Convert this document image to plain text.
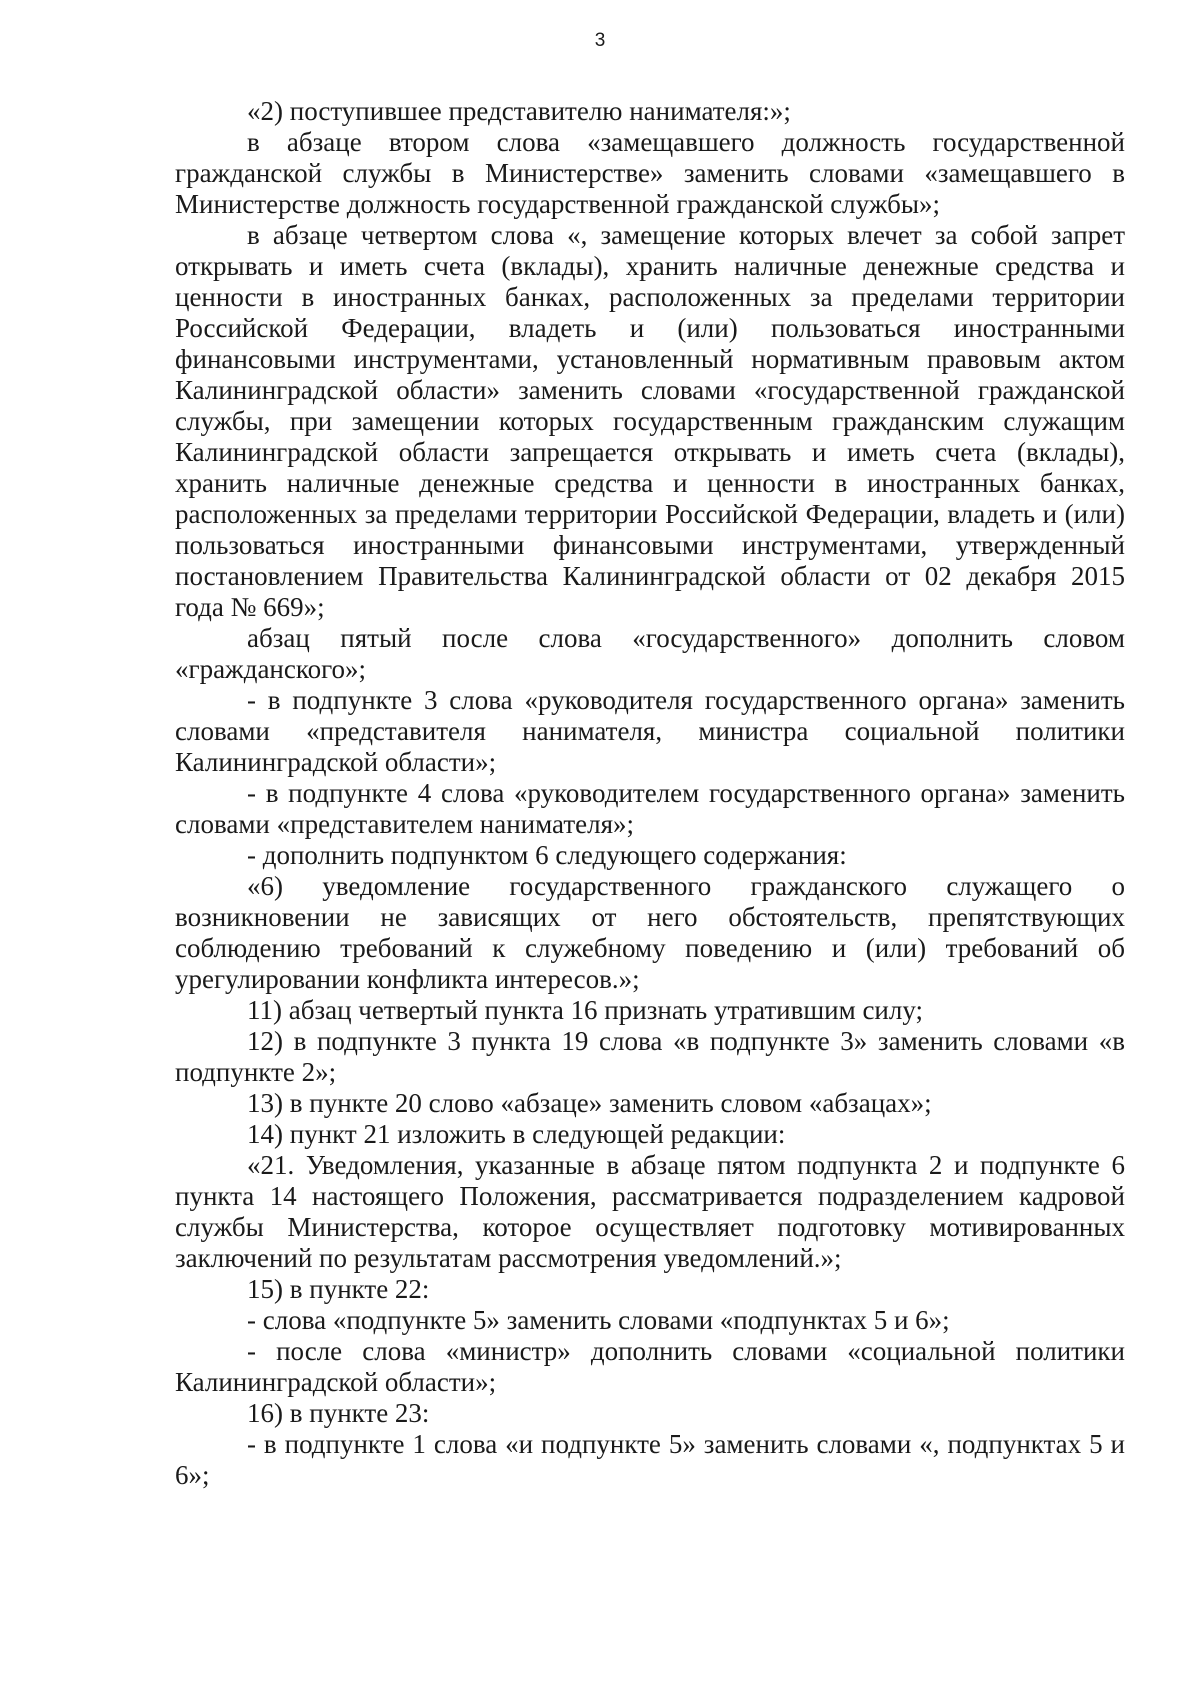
3

«2) поступившее представителю нанимателя:»;

в абзаце втором слова «замещавшего должность государственной гражданской службы в Министерстве» заменить словами «замещавшего в Министерстве должность государственной гражданской службы»;

в абзаце четвертом слова «, замещение которых влечет за собой запрет открывать и иметь счета (вклады), хранить наличные денежные средства и ценности в иностранных банках, расположенных за пределами территории Российской Федерации, владеть и (или) пользоваться иностранными финансовыми инструментами, установленный нормативным правовым актом Калининградской области» заменить словами «государственной гражданской службы, при замещении которых государственным гражданским служащим Калининградской области запрещается открывать и иметь счета (вклады), хранить наличные денежные средства и ценности в иностранных банках, расположенных за пределами территории Российской Федерации, владеть и (или) пользоваться иностранными финансовыми инструментами, утвержденный постановлением Правительства Калининградской области от 02 декабря 2015 года № 669»;

абзац пятый после слова «государственного» дополнить словом «гражданского»;

- в подпункте 3 слова «руководителя государственного органа» заменить словами «представителя нанимателя, министра социальной политики Калининградской области»;

- в подпункте 4 слова «руководителем государственного органа» заменить словами «представителем нанимателя»;

- дополнить подпунктом 6 следующего содержания:

«6) уведомление государственного гражданского служащего о возникновении не зависящих от него обстоятельств, препятствующих соблюдению требований к служебному поведению и (или) требований об урегулировании конфликта интересов.»;

11) абзац четвертый пункта 16 признать утратившим силу;

12) в подпункте 3 пункта 19 слова «в подпункте 3» заменить словами «в подпункте 2»;

13) в пункте 20 слово «абзаце» заменить словом «абзацах»;

14) пункт 21 изложить в следующей редакции:

«21. Уведомления, указанные в абзаце пятом подпункта 2 и подпункте 6 пункта 14 настоящего Положения, рассматривается подразделением кадровой службы Министерства, которое осуществляет подготовку мотивированных заключений по результатам рассмотрения уведомлений.»;

15) в пункте 22:

- слова «подпункте 5» заменить словами «подпунктах 5 и 6»;

- после слова «министр» дополнить словами «социальной политики Калининградской области»;

16) в пункте 23:

- в подпункте 1 слова «и подпункте 5» заменить словами «, подпунктах 5 и 6»;
